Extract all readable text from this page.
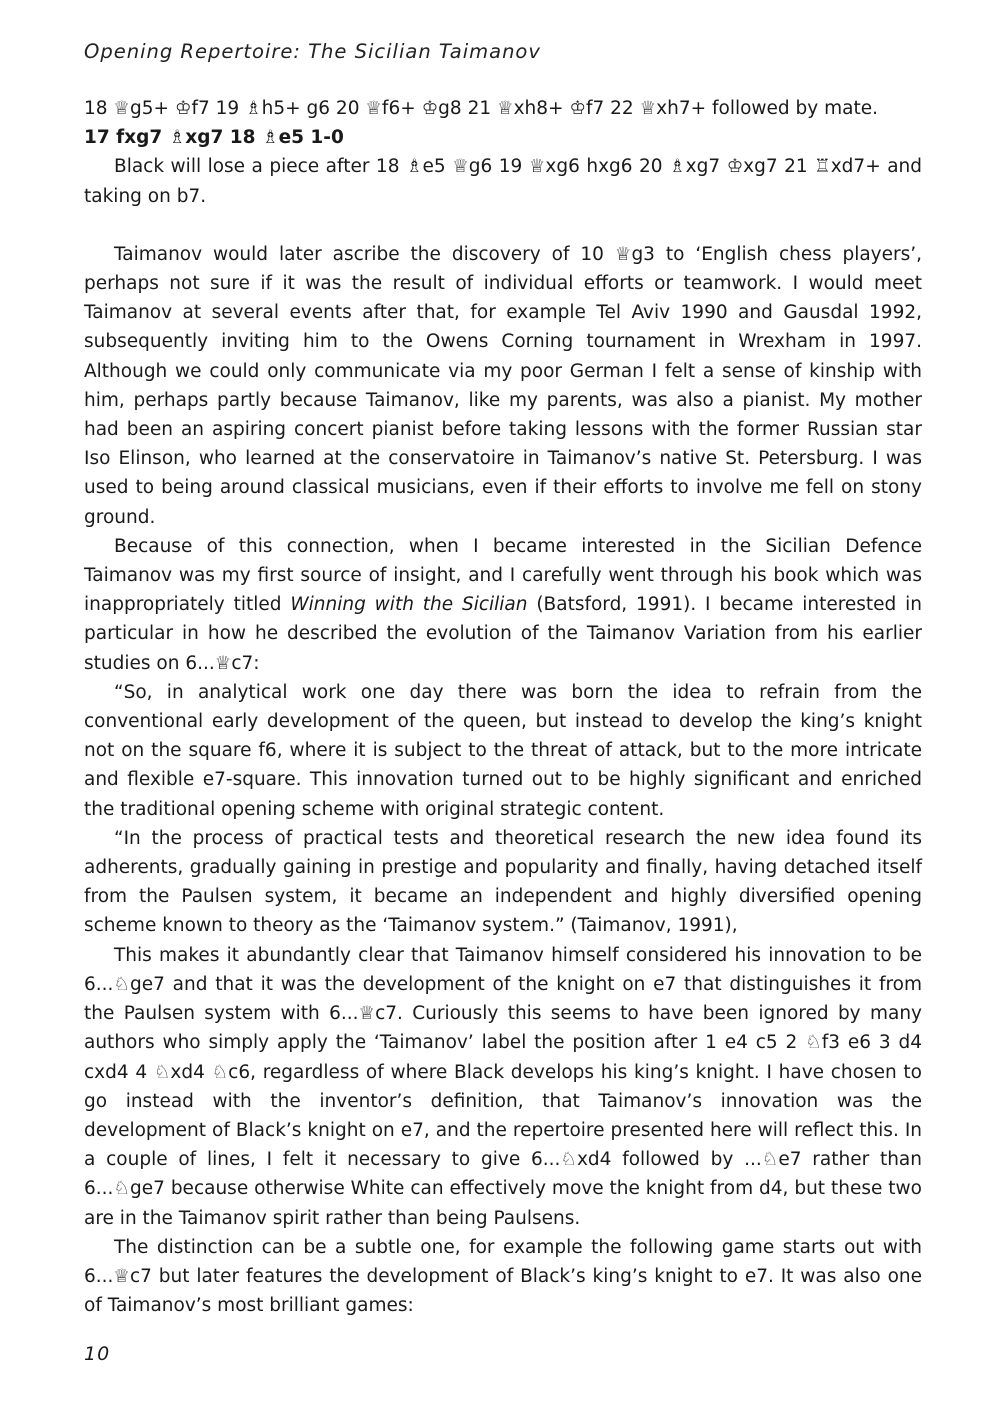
Opening Repertoire: The Sicilian Taimanov

18 ♕g5+ ♔f7 19 ♗h5+ g6 20 ♕f6+ ♔g8 21 ♕xh8+ ♔f7 22 ♕xh7+ followed by mate.

17 fxg7 ♗xg7 18 ♗e5 1-0

Black will lose a piece after 18 ♗e5 ♕g6 19 ♕xg6 hxg6 20 ♗xg7 ♔xg7 21 ♖xd7+ and taking on b7.

Taimanov would later ascribe the discovery of 10 ♕g3 to ‘English chess players’, perhaps not sure if it was the result of individual efforts or teamwork. I would meet Taimanov at several events after that, for example Tel Aviv 1990 and Gausdal 1992, subsequently inviting him to the Owens Corning tournament in Wrexham in 1997. Although we could only communicate via my poor German I felt a sense of kinship with him, perhaps partly because Taimanov, like my parents, was also a pianist. My mother had been an aspiring concert pianist before taking lessons with the former Russian star Iso Elinson, who learned at the conservatoire in Taimanov’s native St. Petersburg. I was used to being around classical musicians, even if their efforts to involve me fell on stony ground.

Because of this connection, when I became interested in the Sicilian Defence Taimanov was my first source of insight, and I carefully went through his book which was inappropriately titled Winning with the Sicilian (Batsford, 1991). I became interested in particular in how he described the evolution of the Taimanov Variation from his earlier studies on 6...♕c7:

“So, in analytical work one day there was born the idea to refrain from the conventional early development of the queen, but instead to develop the king’s knight not on the square f6, where it is subject to the threat of attack, but to the more intricate and flexible e7-square. This innovation turned out to be highly significant and enriched the traditional opening scheme with original strategic content.

“In the process of practical tests and theoretical research the new idea found its adherents, gradually gaining in prestige and popularity and finally, having detached itself from the Paulsen system, it became an independent and highly diversified opening scheme known to theory as the ‘Taimanov system.” (Taimanov, 1991),

This makes it abundantly clear that Taimanov himself considered his innovation to be 6...♘ge7 and that it was the development of the knight on e7 that distinguishes it from the Paulsen system with 6...♕c7. Curiously this seems to have been ignored by many authors who simply apply the ‘Taimanov’ label the position after 1 e4 c5 2 ♘f3 e6 3 d4 cxd4 4 ♘xd4 ♘c6, regardless of where Black develops his king’s knight. I have chosen to go instead with the inventor’s definition, that Taimanov’s innovation was the development of Black’s knight on e7, and the repertoire presented here will reflect this. In a couple of lines, I felt it necessary to give 6...♘xd4 followed by ...♘e7 rather than 6...♘ge7 because otherwise White can effectively move the knight from d4, but these two are in the Taimanov spirit rather than being Paulsens.

The distinction can be a subtle one, for example the following game starts out with 6...♕c7 but later features the development of Black’s king’s knight to e7. It was also one of Taimanov’s most brilliant games:

10
